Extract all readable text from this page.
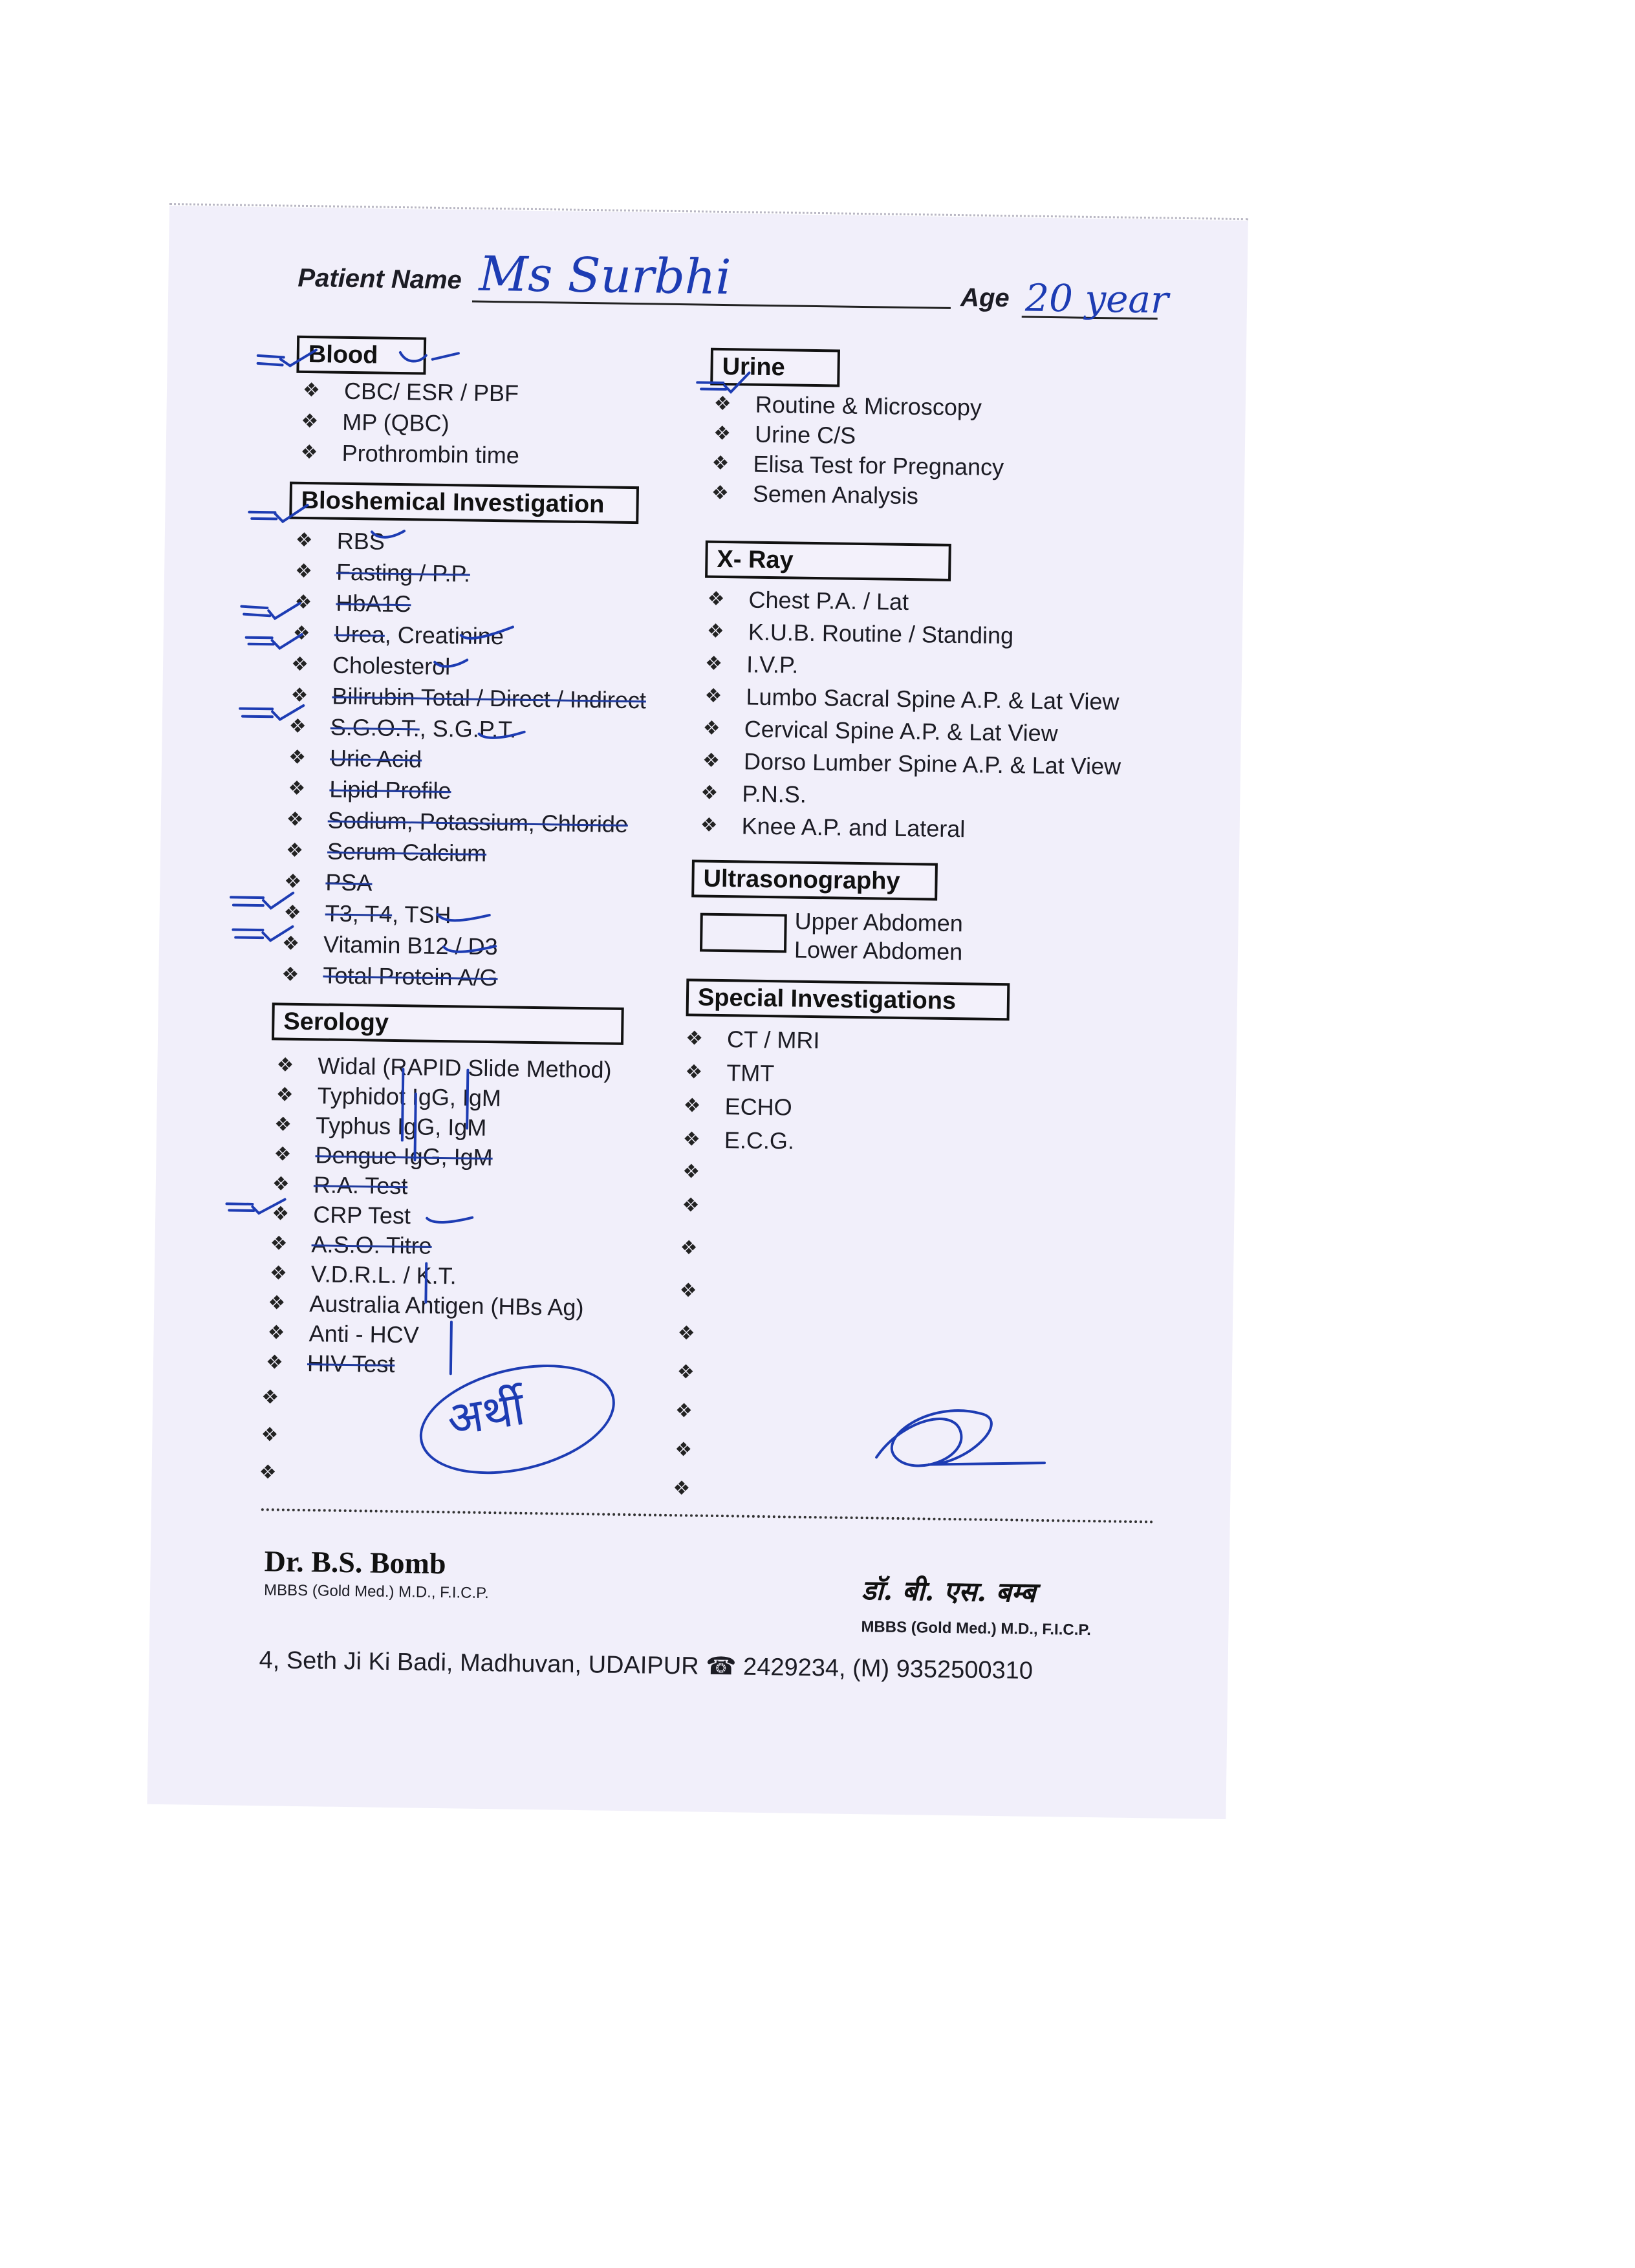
Patient Name Ms Surbhi	Age 20 year
Blood
❖ CBC/ ESR / PBF
❖ MP (QBC)
❖ Prothrombin time
Bloshemical Investigation
❖ RBS
❖ Fasting / P.P.
❖ HbA1C
❖ Urea, Creatinine
❖ Cholesterol
❖ Bilirubin Total / Direct / Indirect
❖ S.G.O.T., S.G.P.T.
❖ Uric Acid
❖ Lipid Profile
❖ Sodium, Potassium, Chloride
❖ Serum Calcium
❖ PSA
❖ T3, T4, TSH
❖ Vitamin B12 / D3
❖ Total Protein A/G
Serology
❖ Widal (RAPID Slide Method)
❖ Typhidot IgG, IgM
❖ Typhus IgG, IgM
❖ Dengue IgG, IgM
❖ R.A. Test
❖ CRP Test
❖ A.S.O. Titre
❖ V.D.R.L. / K.T.
❖ Australia Antigen (HBs Ag)
❖ Anti - HCV
❖ HIV Test
❖
❖
❖
Urine
❖ Routine & Microscopy
❖ Urine C/S
❖ Elisa Test for Pregnancy
❖ Semen Analysis
X- Ray
❖ Chest P.A. / Lat
❖ K.U.B. Routine / Standing
❖ I.V.P.
❖ Lumbo Sacral Spine A.P. & Lat View
❖ Cervical Spine A.P. & Lat View
❖ Dorso Lumber Spine A.P. & Lat View
❖ P.N.S.
❖ Knee A.P. and Lateral
Ultrasonography
Upper Abdomen
Lower Abdomen
Special Investigations
❖ CT / MRI
❖ TMT
❖ ECHO
❖ E.C.G.
❖
❖
❖
❖
❖
❖
❖
❖
❖
अर्थी
Dr. B.S. Bomb
MBBS (Gold Med.) M.D., F.I.C.P.	डॉ. बी. एस. बम्ब
MBBS (Gold Med.) M.D., F.I.C.P.
4, Seth Ji Ki Badi, Madhuvan, UDAIPUR ☎ 2429234, (M) 9352500310
